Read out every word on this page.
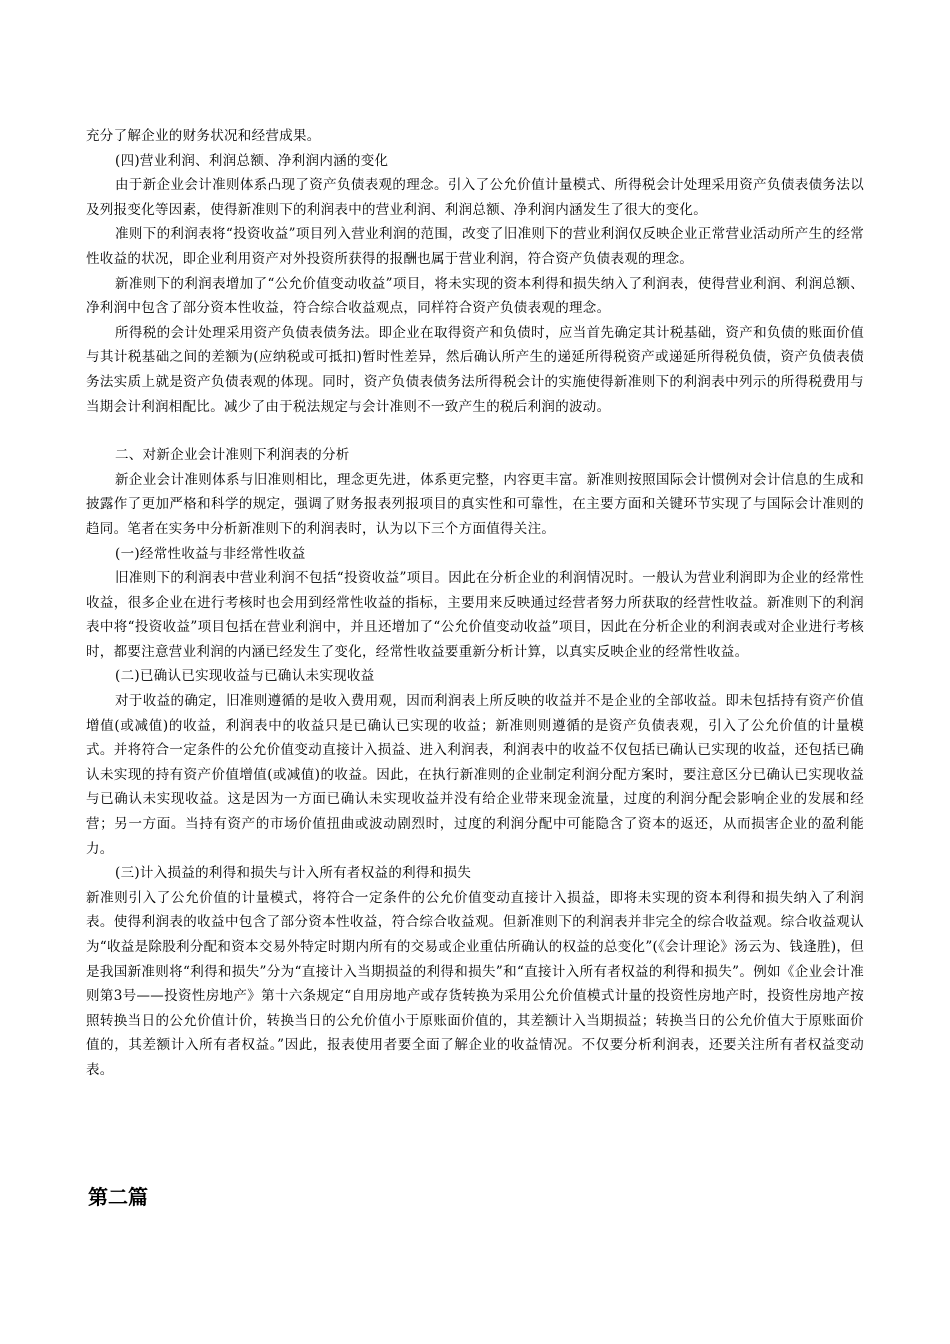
充分了解企业的财务状况和经营成果。

(四)营业利润、利润总额、净利润内涵的变化

由于新企业会计准则体系凸现了资产负债表观的理念。引入了公允价值计量模式、所得税会计处理采用资产负债表债务法以及列报变化等因素，使得新准则下的利润表中的营业利润、利润总额、净利润内涵发生了很大的变化。

准则下的利润表将“投资收益”项目列入营业利润的范围，改变了旧准则下的营业利润仅反映企业正常营业活动所产生的经常性收益的状况，即企业利用资产对外投资所获得的报酬也属于营业利润，符合资产负债表观的理念。

新准则下的利润表增加了“公允价值变动收益”项目，将未实现的资本利得和损失纳入了利润表，使得营业利润、利润总额、净利润中包含了部分资本性收益，符合综合收益观点，同样符合资产负债表观的理念。

所得税的会计处理采用资产负债表债务法。即企业在取得资产和负债时，应当首先确定其计税基础，资产和负债的账面价值与其计税基础之间的差额为(应纳税或可抵扣)暂时性差异，然后确认所产生的递延所得税资产或递延所得税负债，资产负债表债务法实质上就是资产负债表观的体现。同时，资产负债表债务法所得税会计的实施使得新准则下的利润表中列示的所得税费用与当期会计利润相配比。减少了由于税法规定与会计准则不一致产生的税后利润的波动。

二、对新企业会计准则下利润表的分析

新企业会计准则体系与旧准则相比，理念更先进，体系更完整，内容更丰富。新准则按照国际会计惯例对会计信息的生成和披露作了更加严格和科学的规定，强调了财务报表列报项目的真实性和可靠性，在主要方面和关键环节实现了与国际会计准则的趋同。笔者在实务中分析新准则下的利润表时，认为以下三个方面值得关注。

(一)经常性收益与非经常性收益

旧准则下的利润表中营业利润不包括“投资收益”项目。因此在分析企业的利润情况时。一般认为营业利润即为企业的经常性收益，很多企业在进行考核时也会用到经常性收益的指标，主要用来反映通过经营者努力所获取的经营性收益。新准则下的利润表中将“投资收益”项目包括在营业利润中，并且还增加了“公允价值变动收益”项目，因此在分析企业的利润表或对企业进行考核时，都要注意营业利润的内涵已经发生了变化，经常性收益要重新分析计算，以真实反映企业的经常性收益。

(二)已确认已实现收益与已确认未实现收益

对于收益的确定，旧准则遵循的是收入费用观，因而利润表上所反映的收益并不是企业的全部收益。即未包括持有资产价值增值(或减值)的收益，利润表中的收益只是已确认已实现的收益；新准则则遵循的是资产负债表观，引入了公允价值的计量模式。并将符合一定条件的公允价值变动直接计入损益、进入利润表，利润表中的收益不仅包括已确认已实现的收益，还包括已确认未实现的持有资产价值增值(或减值)的收益。因此，在执行新准则的企业制定利润分配方案时，要注意区分已确认已实现收益与已确认未实现收益。这是因为一方面已确认未实现收益并没有给企业带来现金流量，过度的利润分配会影响企业的发展和经营；另一方面。当持有资产的市场价值扭曲或波动剧烈时，过度的利润分配中可能隐含了资本的返还，从而损害企业的盈利能力。

(三)计入损益的利得和损失与计入所有者权益的利得和损失

新准则引入了公允价值的计量模式，将符合一定条件的公允价值变动直接计入损益，即将未实现的资本利得和损失纳入了利润表。使得利润表的收益中包含了部分资本性收益，符合综合收益观。但新准则下的利润表并非完全的综合收益观。综合收益观认为“收益是除股利分配和资本交易外特定时期内所有的交易或企业重估所确认的权益的总变化”(《会计理论》汤云为、钱逢胜)，但是我国新准则将“利得和损失”分为“直接计入当期损益的利得和损失”和“直接计入所有者权益的利得和损失”。例如《企业会计准则第3号——投资性房地产》第十六条规定“自用房地产或存货转换为采用公允价值模式计量的投资性房地产时，投资性房地产按照转换当日的公允价值计价，转换当日的公允价值小于原账面价值的，其差额计入当期损益；转换当日的公允价值大于原账面价值的，其差额计入所有者权益。”因此，报表使用者要全面了解企业的收益情况。不仅要分析利润表，还要关注所有者权益变动表。

第二篇
